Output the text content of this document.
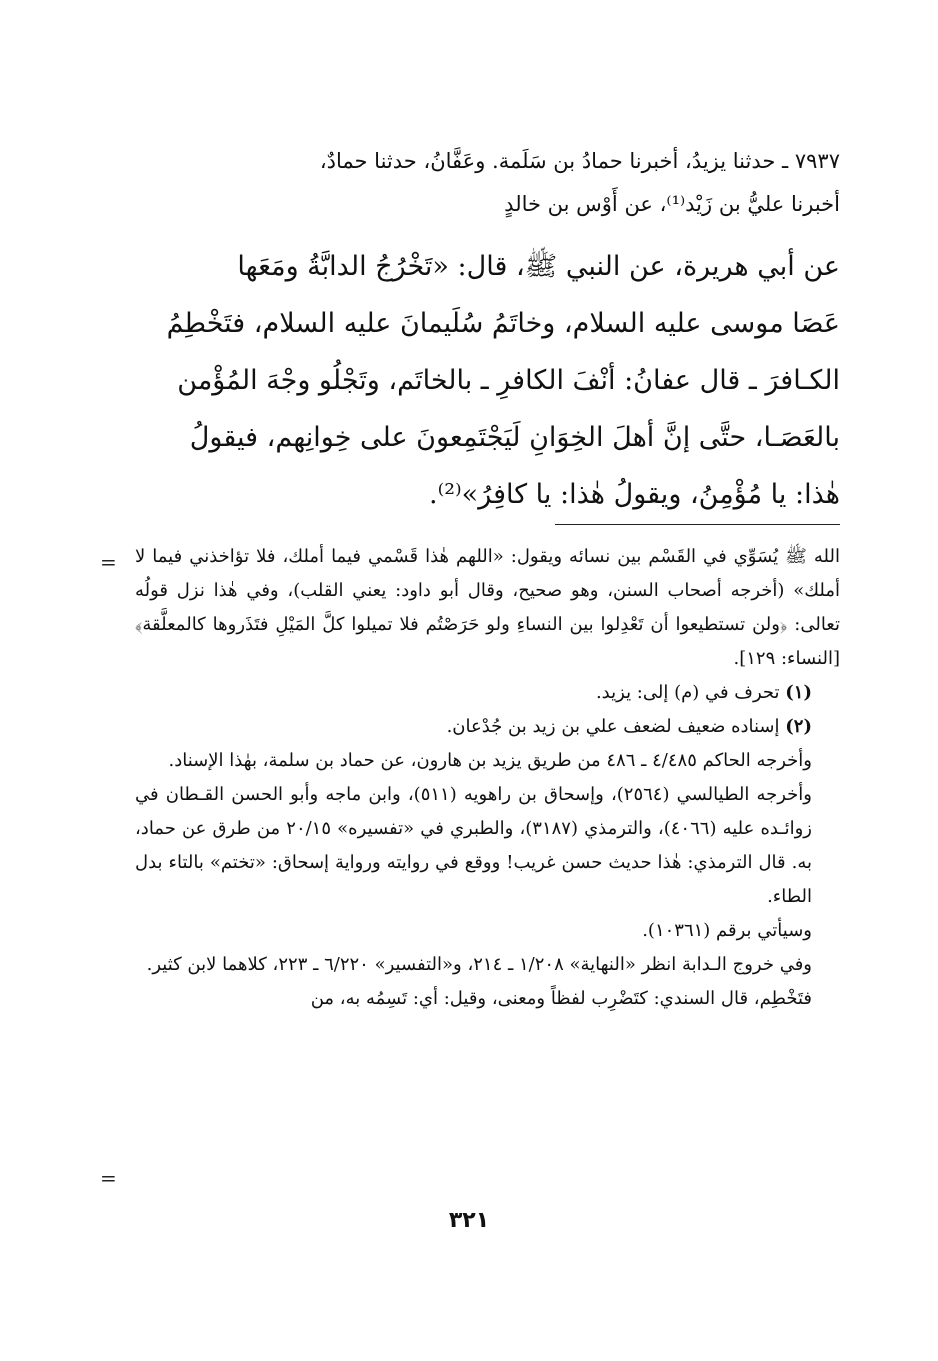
٧٩٣٧ ـ حدثنا يزيدُ، أخبرنا حمادُ بن سَلَمة. وعَفَّانُ، حدثنا حمادٌ،
أخبرنا عليُّ بن زَيْد⁽¹⁾، عن أَوْس بن خالدٍ
عن أبي هريرة، عن النبي ﷺ، قال: «تَخْرُجُ الدابَّةُ ومَعَها
عَصَا موسى عليه السلام، وخاتَمُ سُلَيمانَ عليه السلام، فتَخْطِمُ
الكـافرَ ـ قال عفانُ: أنْفَ الكافرِ ـ بالخاتَم، وتَجْلُو وجْهَ المُؤْمن
بالعَصَـا، حتَّى إنَّ أهلَ الخِوَانِ لَيَجْتَمِعونَ على خِوانِهم، فيقولُ
هٰذا: يا مُؤْمِنُ، ويقولُ هٰذا: يا كافِرُ»⁽²⁾.
= الله ﷺ يُسَوِّي في القَسْم بين نسائه ويقول: «اللهم هٰذا قَسْمي فيما أملك، فلا تؤاخذني فيما لا أملك» (أخرجه أصحاب السنن، وهو صحيح، وقال أبو داود: يعني القلب)، وفي هٰذا نزل قولُه تعالى: ﴿ولن تستطيعوا أن تَعْدِلوا بين النساءِ ولو حَرَصْتُم فلا تميلوا كلَّ المَيْلِ فتَذَروها كالمعلَّقة﴾ [النساء: ١٢٩].

(١) تحرف في (م) إلى: يزيد.

(٢) إسناده ضعيف لضعف علي بن زيد بن جُدْعان.

وأخرجه الحاكم ٤/٤٨٥ ـ ٤٨٦ من طريق يزيد بن هارون، عن حماد بن سلمة، بهٰذا الإسناد.

وأخرجه الطيالسي (٢٥٦٤)، وإسحاق بن راهويه (٥١١)، وابن ماجه وأبو الحسن القـطان في زوائـده عليه (٤٠٦٦)، والترمذي (٣١٨٧)، والطبري في «تفسيره» ٢٠/١٥ من طرق عن حماد، به. قال الترمذي: هٰذا حديث حسن غريب! ووقع في روايته ورواية إسحاق: «تختم» بالتاء بدل الطاء.

وسيأتي برقم (١٠٣٦١).

وفي خروج الـدابة انظر «النهاية» ١/٢٠٨ ـ ٢١٤، و«التفسير» ٦/٢٢٠ ـ ٢٢٣، كلاهما لابن كثير.

فتَخْطِم، قال السندي: كتَضْرِب لفظاً ومعنى، وقيل: أي: تَسِمُه به، من

=
٣٢١
